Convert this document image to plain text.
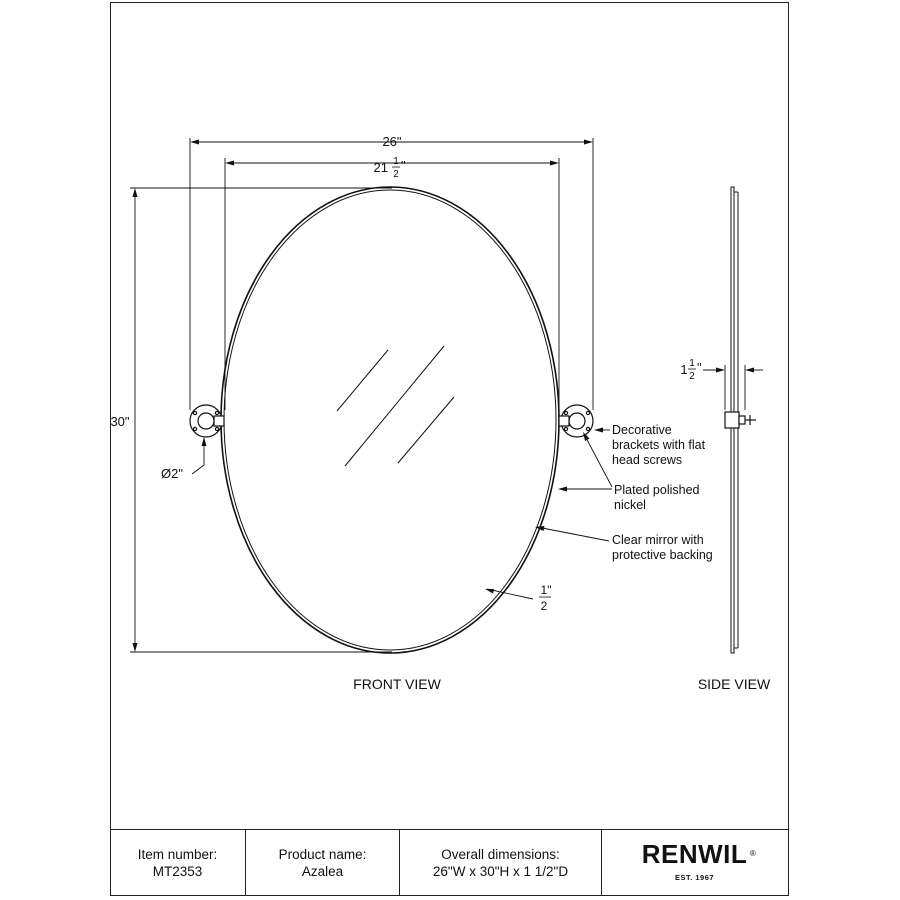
26"
21 1
2
"
30"
Ø2"
1"
2
1 1
2
"
Decorative
brackets with flat
head screws
Plated polished
nickel
Clear mirror with
protective backing
FRONT VIEW	SIDE VIEW
Item number:
MT2353
Product name:
Azalea
Overall dimensions:
26"W x 30"H x 1 1/2"D
RENWIL ®
EST. 1967
